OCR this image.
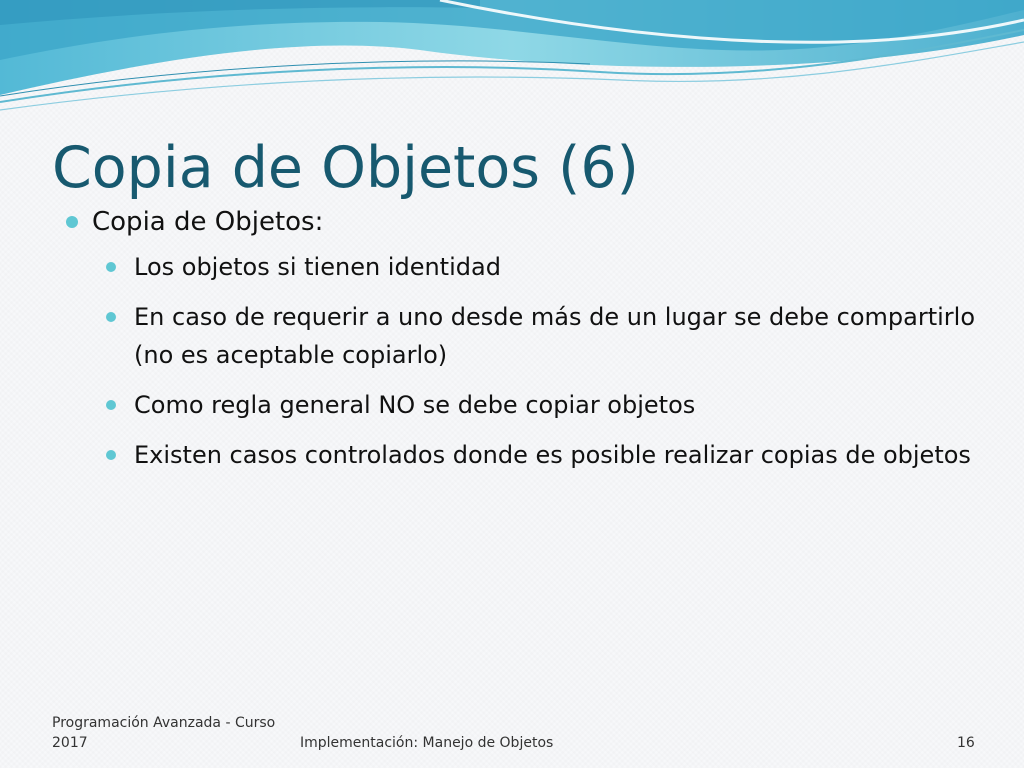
Copia de Objetos (6)
Copia de Objetos:
Los objetos si tienen identidad
En caso de requerir a uno desde más de un lugar se debe compartirlo (no es aceptable copiarlo)
Como regla general NO se debe copiar objetos
Existen casos controlados donde es posible realizar copias de objetos
Programación Avanzada - Curso
2017	Implementación: Manejo de Objetos	16
